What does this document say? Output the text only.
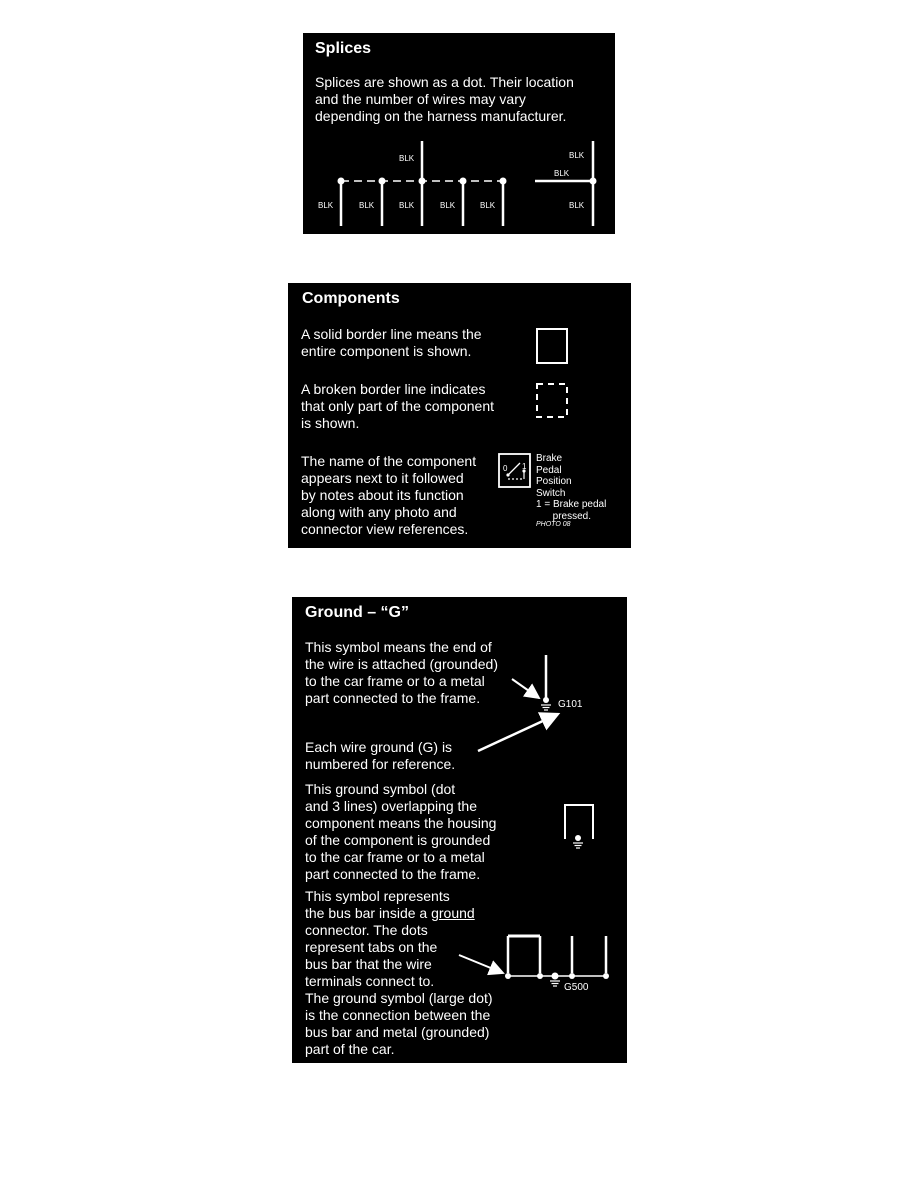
Splices
Splices are shown as a dot. Their location
and the number of wires may vary
depending on the harness manufacturer.
BLK
BLK	BLK	BLK	BLK	BLK
BLK
BLK
BLK
Components
A solid border line means the
entire component is shown.
A broken border line indicates
that only part of the component
is shown.
The name of the component
appears next to it followed
by notes about its function
along with any photo and
connector view references.
0 1
Brake
Pedal
Position
Switch
1 = Brake pedal
pressed.
PHOTO 08
Ground – “G”
This symbol means the end of
the wire is attached (grounded)
to the car frame or to a metal
part connected to the frame.
Each wire ground (G) is
numbered for reference.
This ground symbol (dot
and 3 lines) overlapping the
component means the housing
of the component is grounded
to the car frame or to a metal
part connected to the frame.
This symbol represents
the bus bar inside a ground
connector. The dots
represent tabs on the
bus bar that the wire
terminals connect to.
The ground symbol (large dot)
is the connection between the
bus bar and metal (grounded)
part of the car.
G101
G500
